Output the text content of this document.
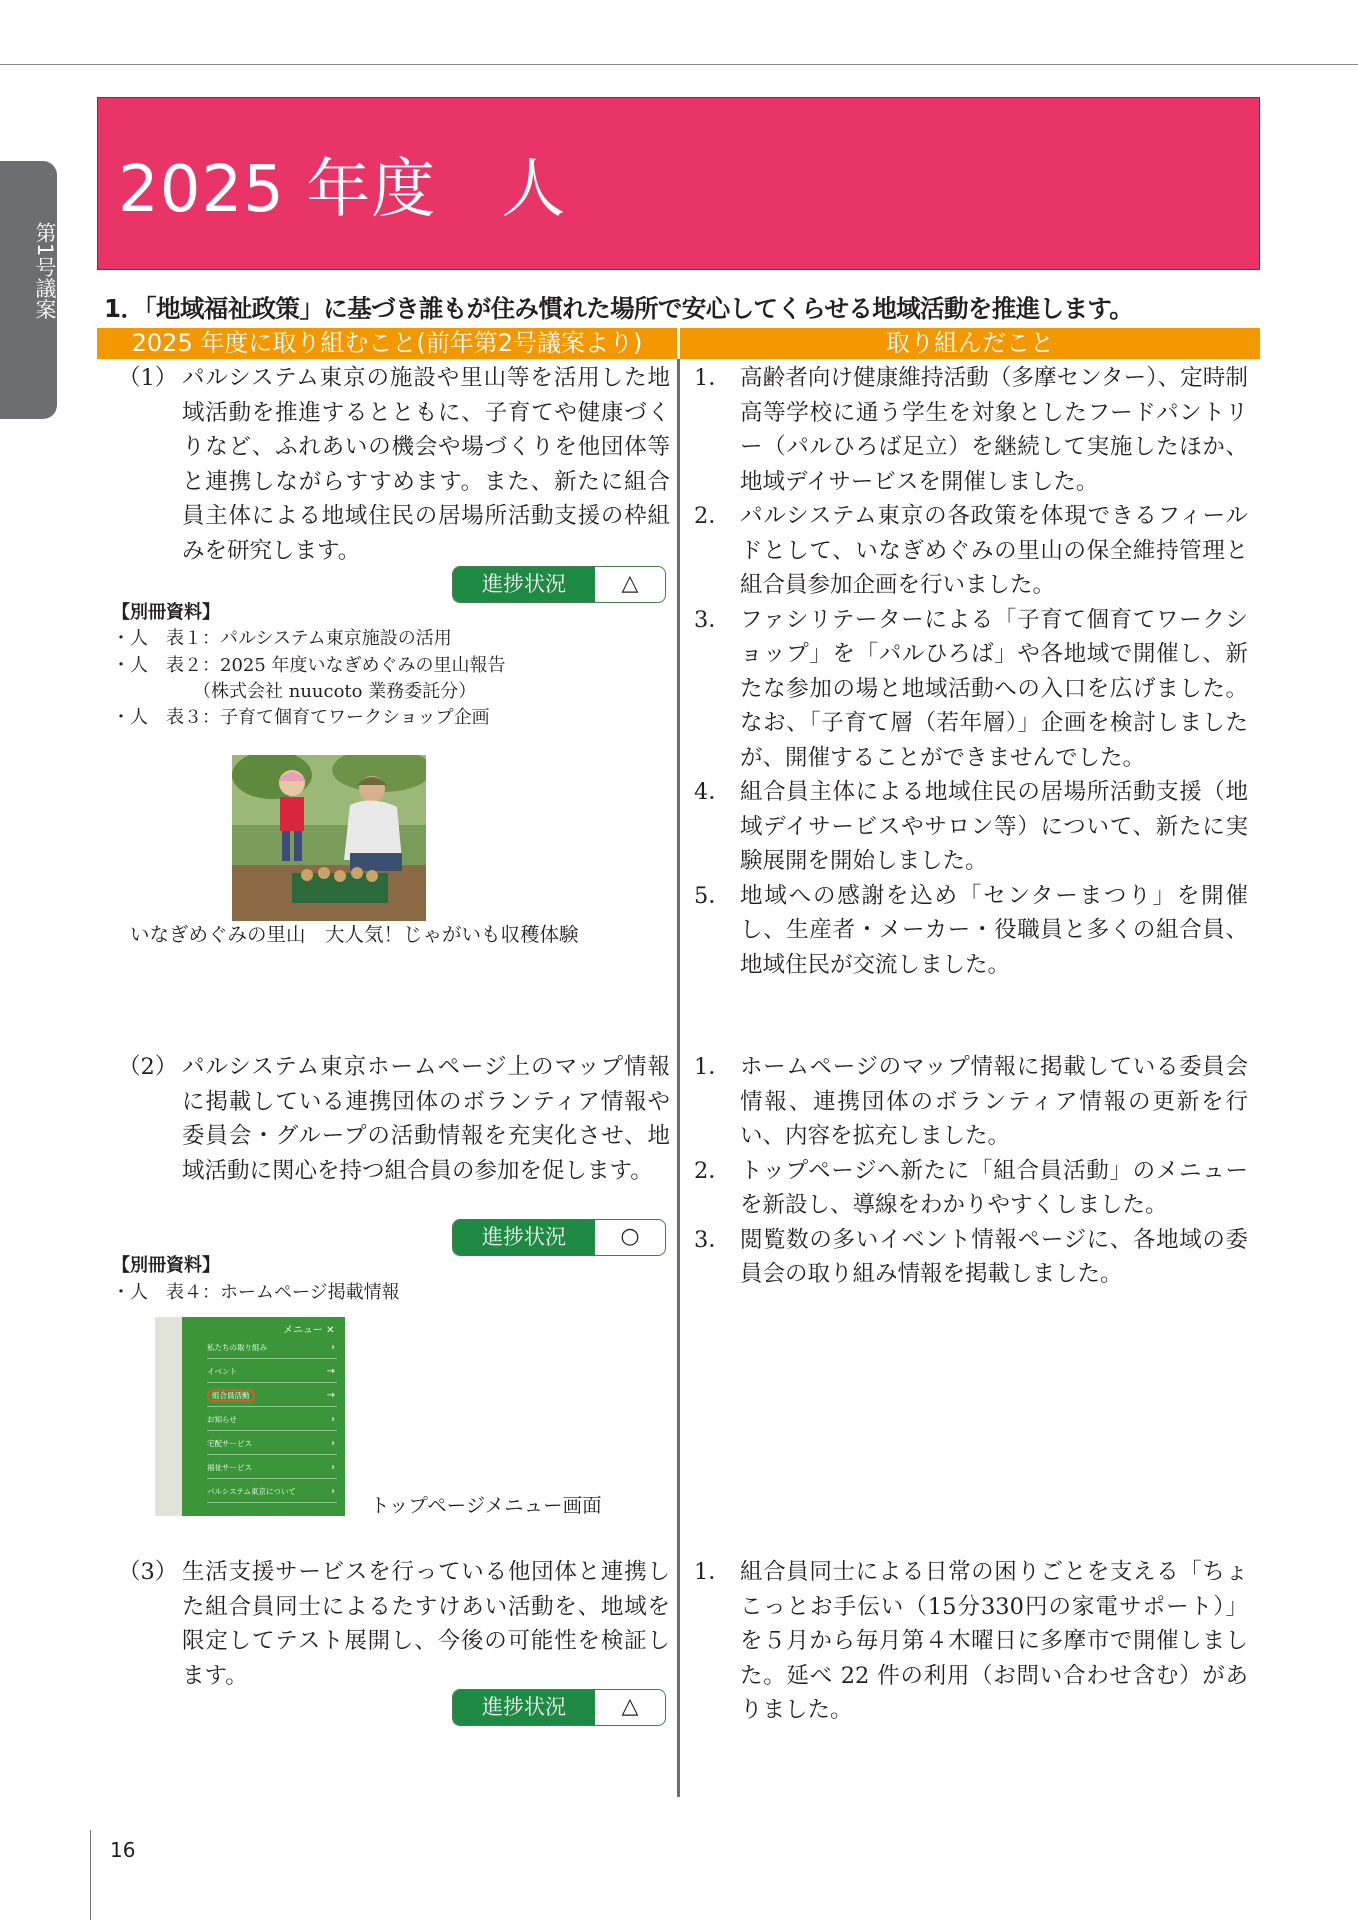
第1号議案
2025 年度　人
1．「地域福祉政策」に基づき誰もが住み慣れた場所で安心してくらせる地域活動を推進します。
2025 年度に取り組むこと(前年第2号議案より)	取り組んだこと
（1） パルシステム東京の施設や里山等を活用した地域活動を推進するとともに、子育てや健康づくりなど、ふれあいの機会や場づくりを他団体等と連携しながらすすめます。また、新たに組合員主体による地域住民の居場所活動支援の枠組みを研究します。
進捗状況	△
【別冊資料】
・人　表１：パルシステム東京施設の活用
・人　表２：2025 年度いなぎめぐみの里山報告
　　　　　（株式会社 nuucoto 業務委託分）
・人　表３：子育て個育てワークショップ企画
いなぎめぐみの里山　大人気！じゃがいも収穫体験
1． 高齢者向け健康維持活動（多摩センター）、定時制高等学校に通う学生を対象としたフードパントリー（パルひろば足立）を継続して実施したほか、地域デイサービスを開催しました。
2． パルシステム東京の各政策を体現できるフィールドとして、いなぎめぐみの里山の保全維持管理と組合員参加企画を行いました。
3． ファシリテーターによる「子育て個育てワークショップ」を「パルひろば」や各地域で開催し、新たな参加の場と地域活動への入口を広げました。なお、「子育て層（若年層）」企画を検討しましたが、開催することができませんでした。
4． 組合員主体による地域住民の居場所活動支援（地域デイサービスやサロン等）について、新たに実験展開を開始しました。
5． 地域への感謝を込め「センターまつり」を開催し、生産者・メーカー・役職員と多くの組合員、地域住民が交流しました。
（2） パルシステム東京ホームページ上のマップ情報に掲載している連携団体のボランティア情報や委員会・グループの活動情報を充実化させ、地域活動に関心を持つ組合員の参加を促します。
進捗状況	○
【別冊資料】
・人　表４：ホームページ掲載情報
メニュー ✕
私たちの取り組み	›
イベント	→
組合員活動	→
お知らせ	›
宅配サービス	›
福祉サービス	›
パルシステム東京について	›
トップページメニュー画面
1． ホームページのマップ情報に掲載している委員会情報、連携団体のボランティア情報の更新を行い、内容を拡充しました。
2． トップページへ新たに「組合員活動」のメニューを新設し、導線をわかりやすくしました。
3． 閲覧数の多いイベント情報ページに、各地域の委員会の取り組み情報を掲載しました。
（3） 生活支援サービスを行っている他団体と連携した組合員同士によるたすけあい活動を、地域を限定してテスト展開し、今後の可能性を検証します。
進捗状況	△
1． 組合員同士による日常の困りごとを支える「ちょこっとお手伝い（15分330円の家電サポート）」を５月から毎月第４木曜日に多摩市で開催しました。延べ 22 件の利用（お問い合わせ含む）がありました。
16
